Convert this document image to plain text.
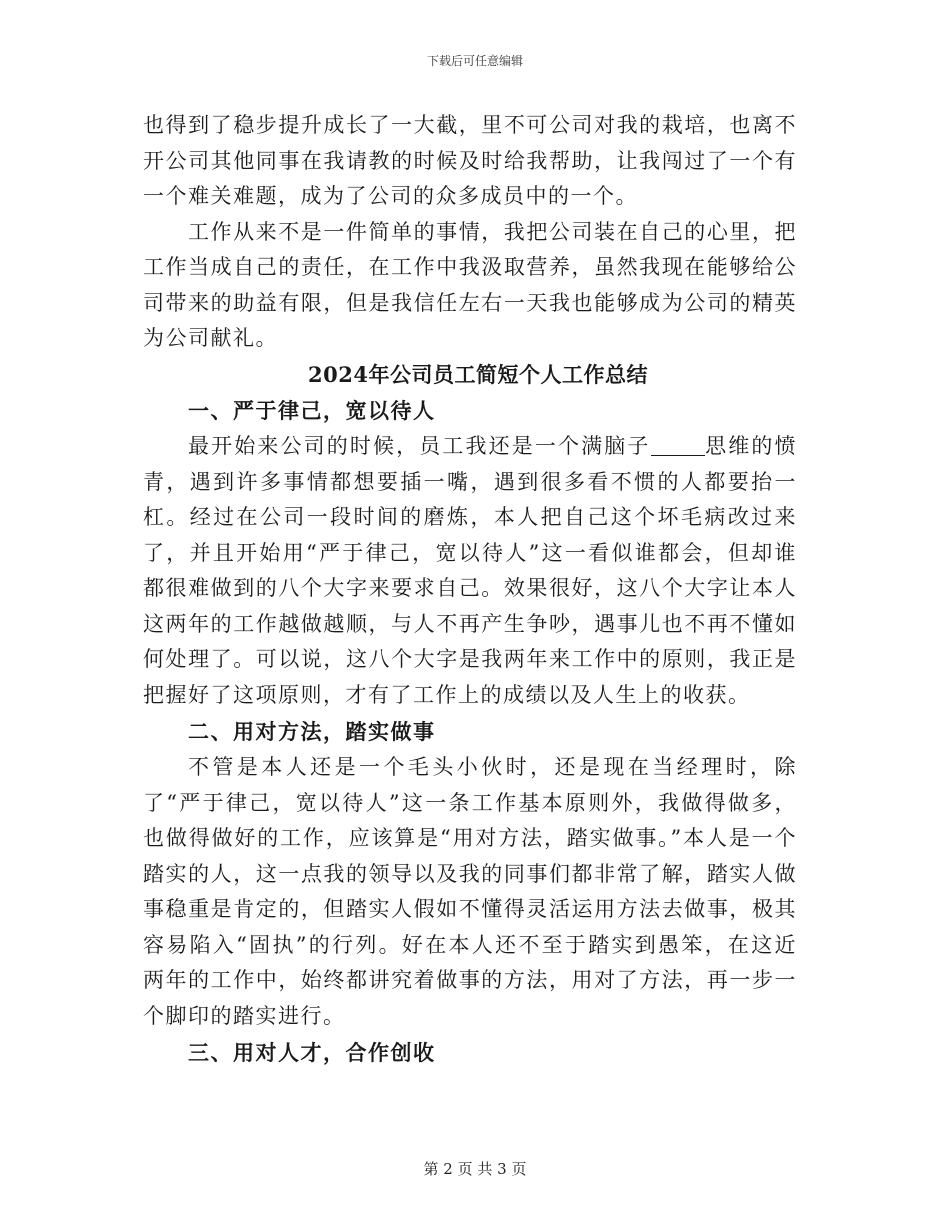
下载后可任意编辑

也得到了稳步提升成长了一大截，里不可公司对我的栽培，也离不开公司其他同事在我请教的时候及时给我帮助，让我闯过了一个有一个难关难题，成为了公司的众多成员中的一个。

工作从来不是一件简单的事情，我把公司装在自己的心里，把工作当成自己的责任，在工作中我汲取营养，虽然我现在能够给公司带来的助益有限，但是我信任左右一天我也能够成为公司的精英为公司献礼。

2024年公司员工简短个人工作总结
一、严于律己，宽以待人

最开始来公司的时候，员工我还是一个满脑子	思维的愤青，遇到许多事情都想要插一嘴，遇到很多看不惯的人都要抬一杠。经过在公司一段时间的磨炼，本人把自己这个坏毛病改过来了，并且开始用“严于律己，宽以待人”这一看似谁都会，但却谁都很难做到的八个大字来要求自己。效果很好，这八个大字让本人这两年的工作越做越顺，与人不再产生争吵，遇事儿也不再不懂如何处理了。可以说，这八个大字是我两年来工作中的原则，我正是把握好了这项原则，才有了工作上的成绩以及人生上的收获。

二、用对方法，踏实做事

不管是本人还是一个毛头小伙时，还是现在当经理时，除了“严于律己，宽以待人”这一条工作基本原则外，我做得做多，也做得做好的工作，应该算是“用对方法，踏实做事。”本人是一个踏实的人，这一点我的领导以及我的同事们都非常了解，踏实人做事稳重是肯定的，但踏实人假如不懂得灵活运用方法去做事，极其容易陷入“固执”的行列。好在本人还不至于踏实到愚笨，在这近两年的工作中，始终都讲究着做事的方法，用对了方法，再一步一个脚印的踏实进行。

三、用对人才，合作创收
第 2 页 共 3 页
